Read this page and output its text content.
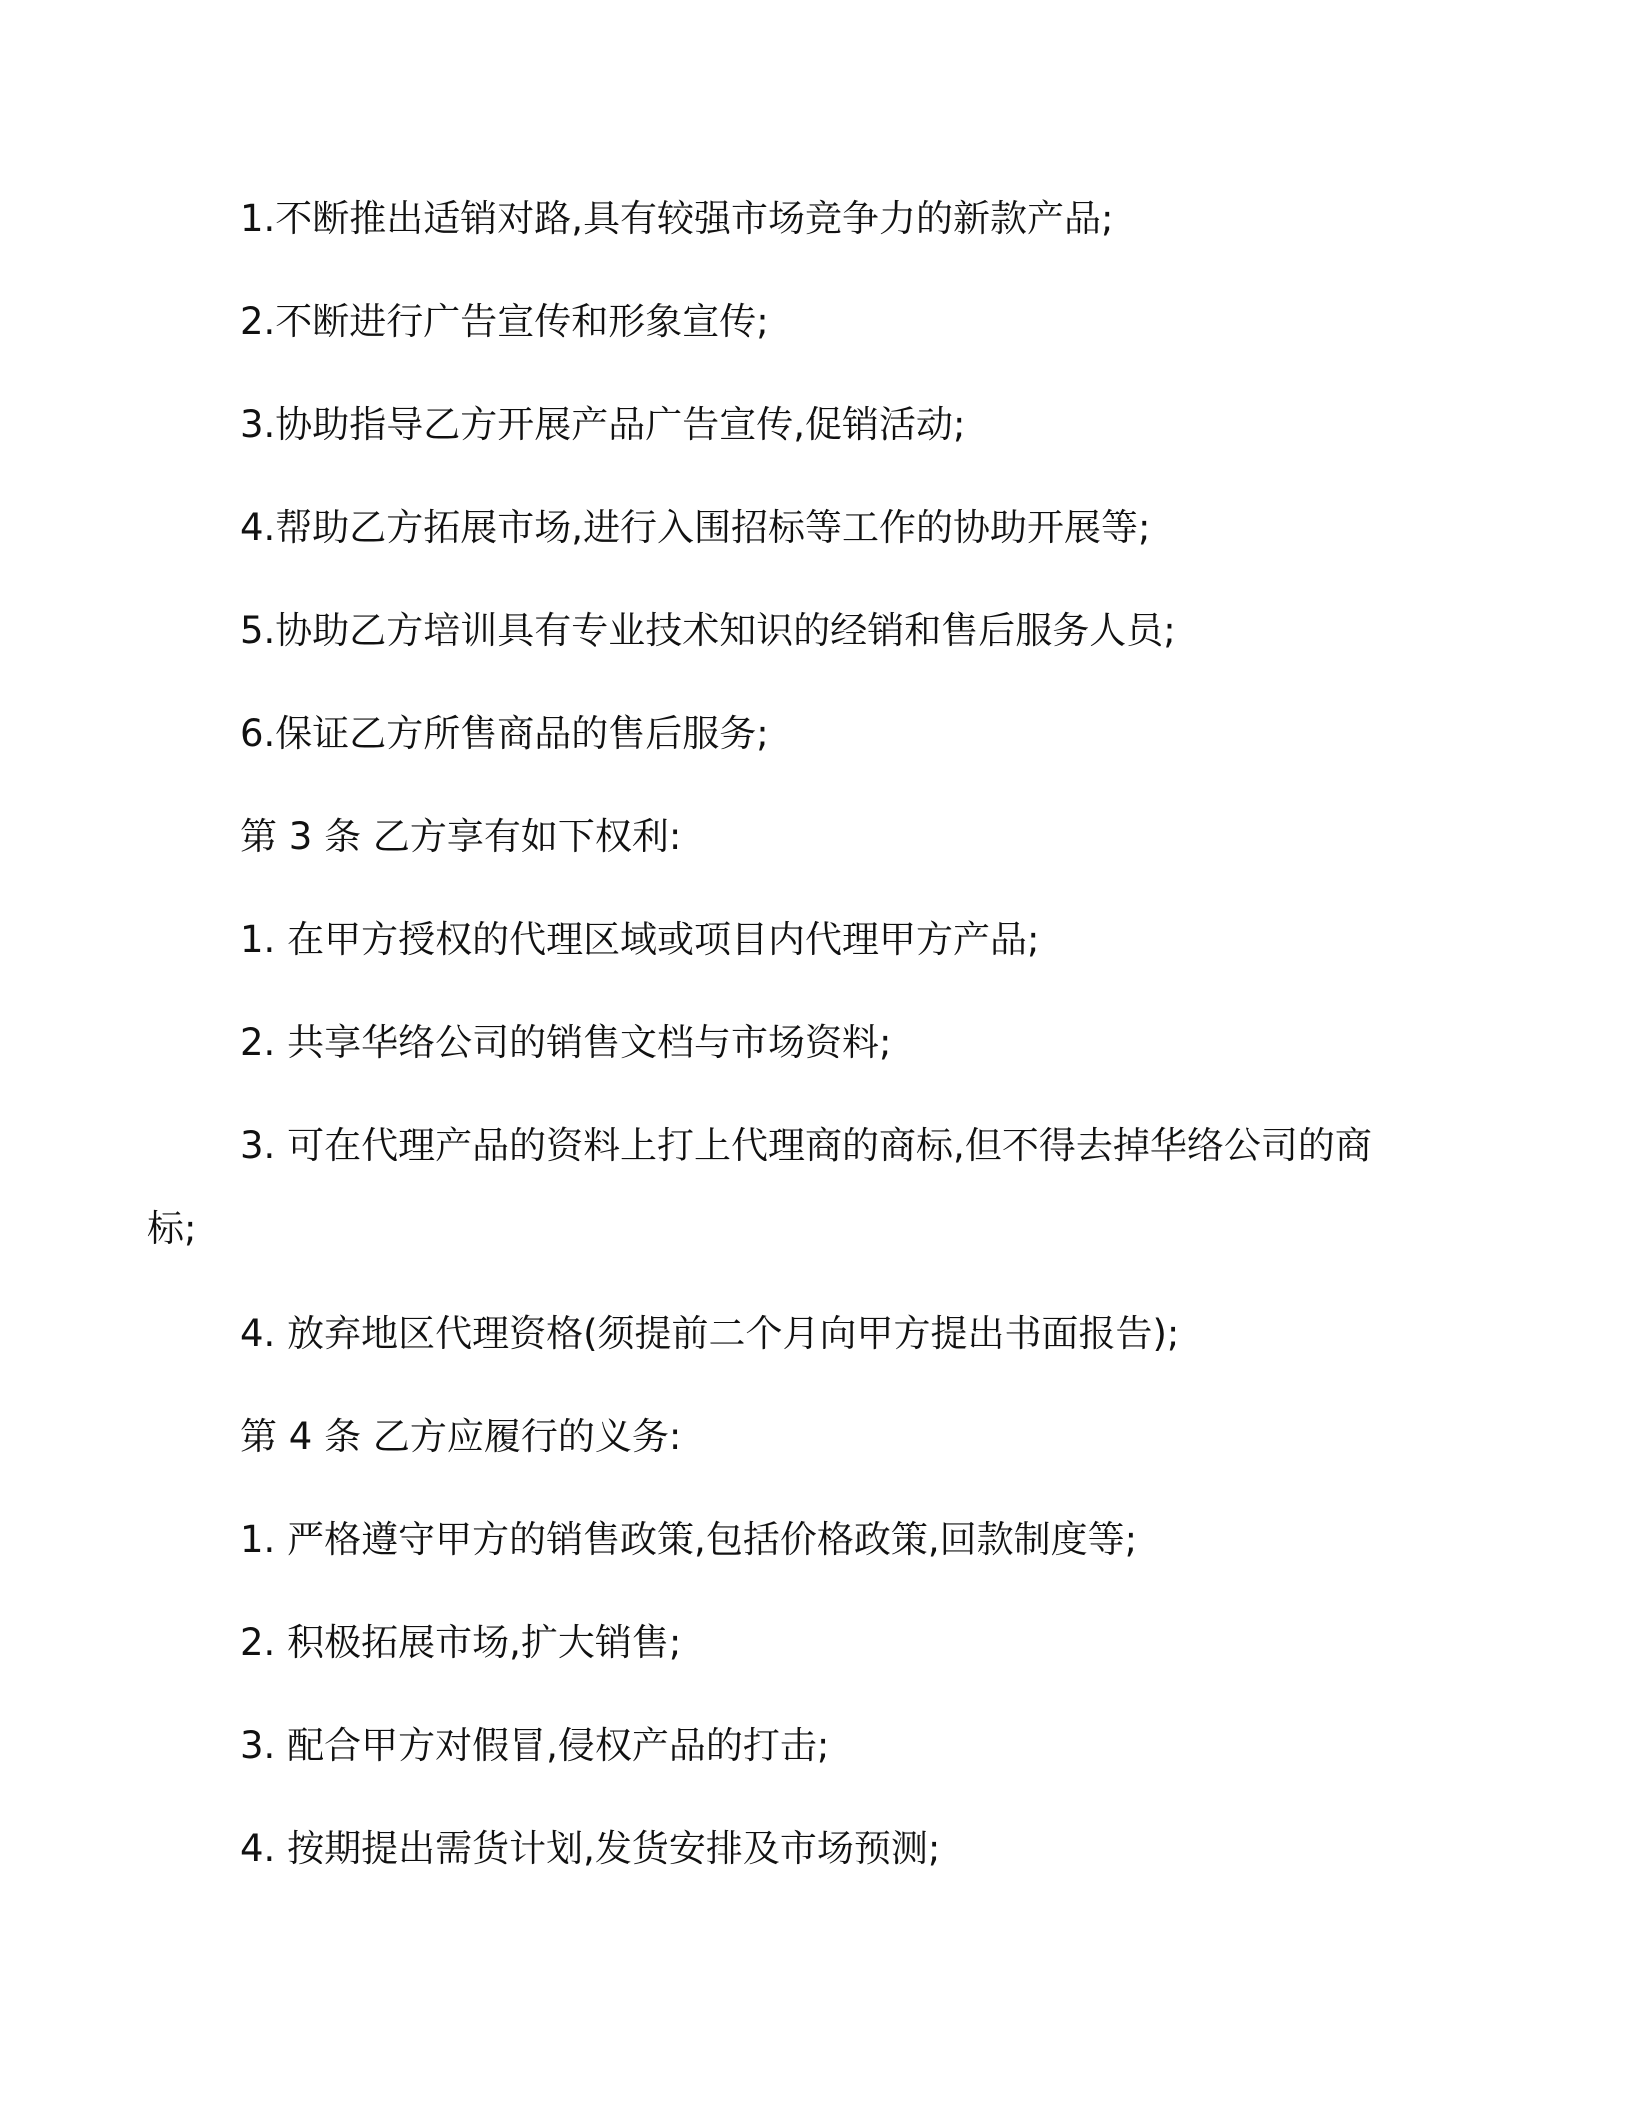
1.不断推出适销对路,具有较强市场竞争力的新款产品;

2.不断进行广告宣传和形象宣传;

3.协助指导乙方开展产品广告宣传,促销活动;

4.帮助乙方拓展市场,进行入围招标等工作的协助开展等;

5.协助乙方培训具有专业技术知识的经销和售后服务人员;

6.保证乙方所售商品的售后服务;

第 3 条 乙方享有如下权利:

1. 在甲方授权的代理区域或项目内代理甲方产品;

2. 共享华络公司的销售文档与市场资料;

3. 可在代理产品的资料上打上代理商的商标,但不得去掉华络公司的商标;

4. 放弃地区代理资格(须提前二个月向甲方提出书面报告);

第 4 条 乙方应履行的义务:

1. 严格遵守甲方的销售政策,包括价格政策,回款制度等;

2. 积极拓展市场,扩大销售;

3. 配合甲方对假冒,侵权产品的打击;

4. 按期提出需货计划,发货安排及市场预测;
